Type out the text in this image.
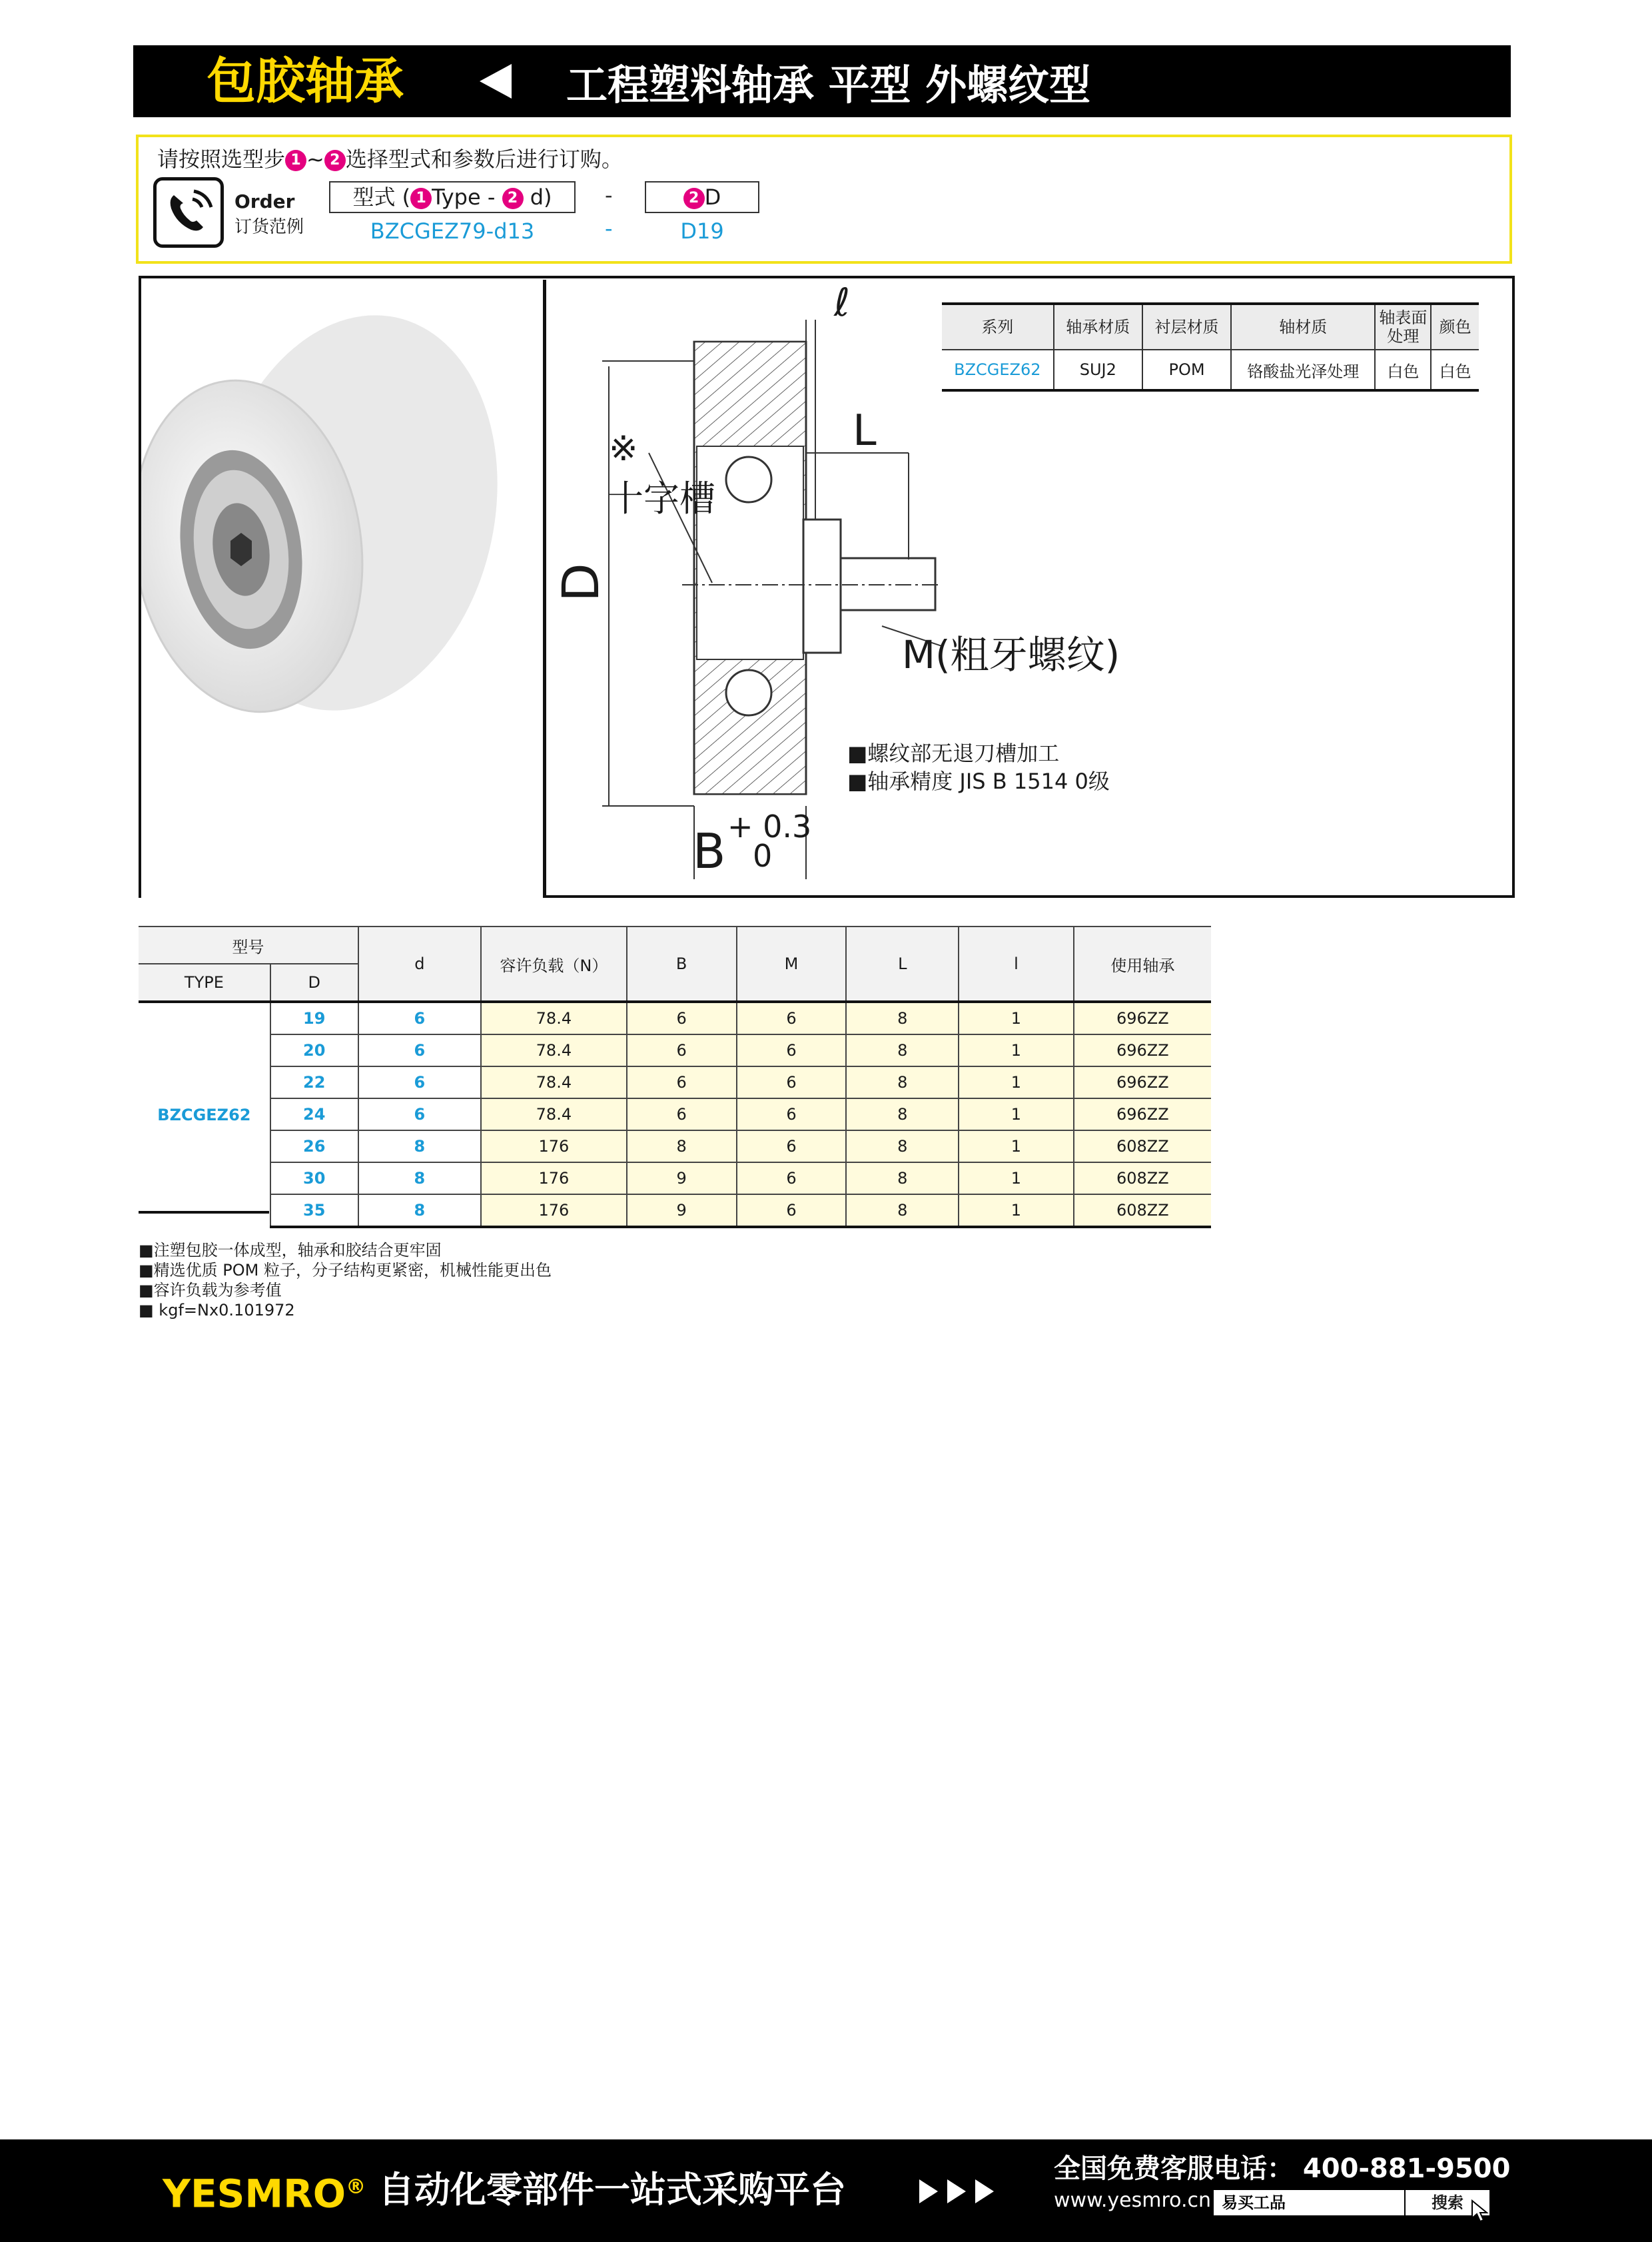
包胶轴承	工程塑料轴承 平型 外螺纹型
请按照选型步 1 ~ 2 选择型式和参数后进行订购。
Order
订货范例
型式 ( 1 Type - 2 d)	-	2 D
BZCGEZ79-d13	-	D19
ℓ
L
※
十字槽
D
M(粗牙螺纹)
B + 0.3
0
系列	轴承材质	衬层材质	轴材质	轴表面处理	颜色
BZCGEZ62	SUJ2	POM	铬酸盐光泽处理	白色	白色
■螺纹部无退刀槽加工
■轴承精度 JIS B 1514 0级
型号		d	容许负载（N）	B	M	L	l	使用轴承
TYPE	D							
BZCGEZ62	19	6	78.4	6	6	8	1	696ZZ
	20	6	78.4	6	6	8	1	696ZZ
	22	6	78.4	6	6	8	1	696ZZ
	24	6	78.4	6	6	8	1	696ZZ
	26	8	176	8	6	8	1	608ZZ
	30	8	176	9	6	8	1	608ZZ
	35	8	176	9	6	8	1	608ZZ
■注塑包胶一体成型，轴承和胶结合更牢固
■精选优质 POM 粒子，分子结构更紧密，机械性能更出色
■容许负载为参考值
■ kgf=Nx0.101972
YESMRO® 自动化零部件一站式采购平台	全国免费客服电话： 400-881-9500
www.yesmro.cn 易买工品	搜索
